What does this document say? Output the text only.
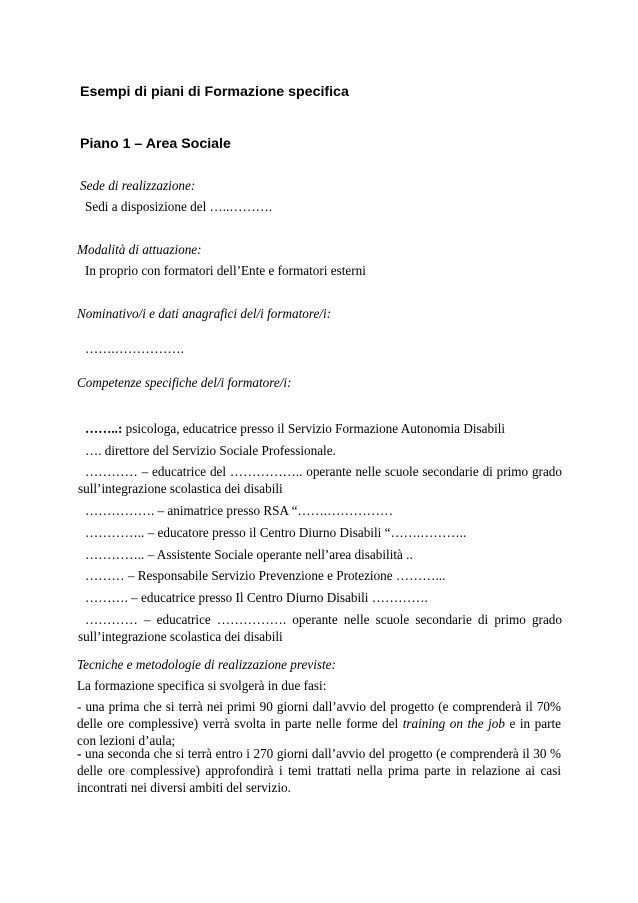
Esempi di piani di Formazione specifica
Piano 1 – Area Sociale
Sede di realizzazione:
Sedi a disposizione del …..……….
Modalità di attuazione:
In proprio con formatori dell’Ente e formatori esterni
Nominativo/i e dati anagrafici del/i formatore/i:
…….…………….
Competenze specifiche del/i formatore/i:
……..: psicologa, educatrice presso il Servizio Formazione Autonomia Disabili
…. direttore del Servizio Sociale Professionale.
………… – educatrice del …………….. operante nelle scuole secondarie di primo grado sull’integrazione scolastica dei disabili
……………. – animatrice presso RSA “…….……………
………….. – educatore presso il Centro Diurno Disabili “…….………..
………….. – Assistente Sociale operante nell’area disabilità ..
……… – Responsabile Servizio Prevenzione e Protezione ………...
………. – educatrice presso Il Centro Diurno Disabili ………….
………… – educatrice ……………. operante nelle scuole secondarie di primo grado sull’integrazione scolastica dei disabili
Tecniche e metodologie di realizzazione previste:
La formazione specifica si svolgerà in due fasi:
- una prima che si terrà nei primi 90 giorni dall’avvio del progetto (e comprenderà il 70% delle ore complessive) verrà svolta in parte nelle forme del training on the job e in parte con lezioni d’aula;
- una seconda che si terrà entro i 270 giorni dall’avvio del progetto (e comprenderà il 30 % delle ore complessive) approfondirà i temi trattati nella prima parte in relazione ai casi incontrati nei diversi ambiti del servizio.
